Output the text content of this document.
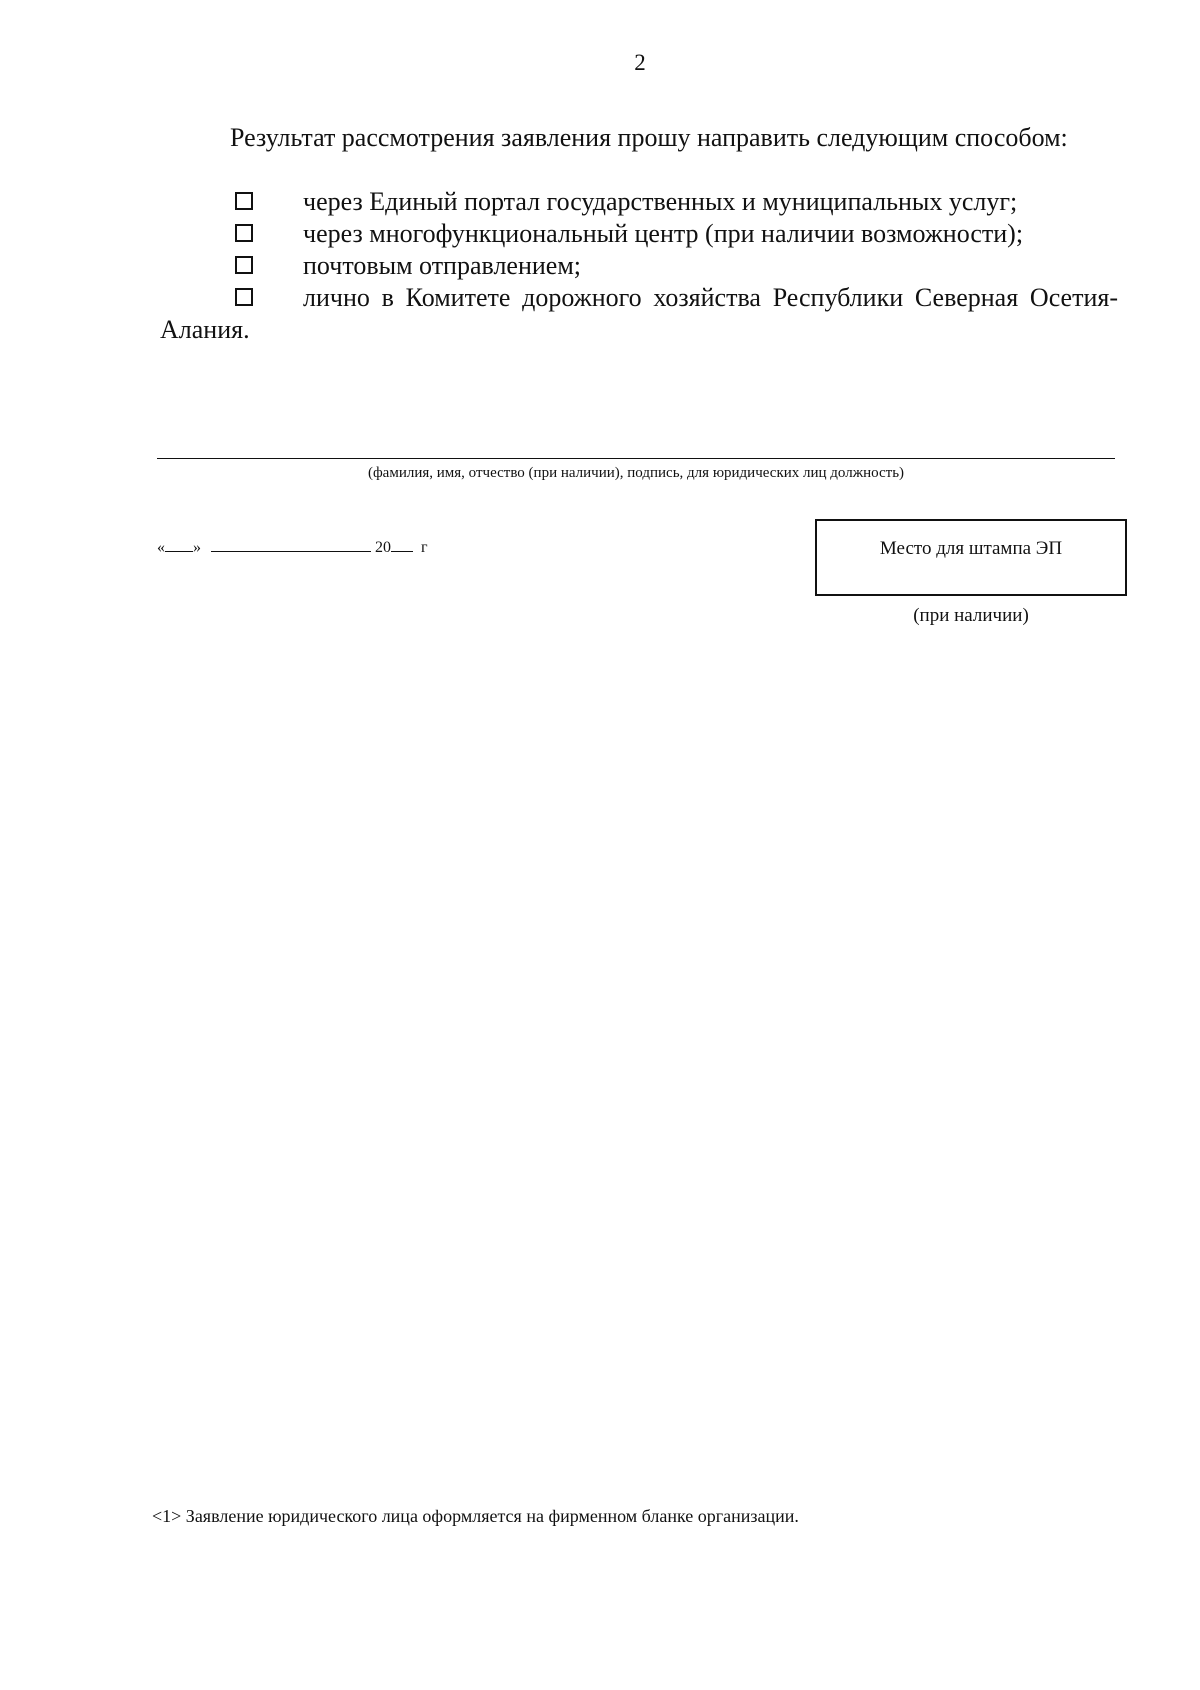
2
Результат рассмотрения заявления прошу направить следующим способом:
через Единый портал государственных и муниципальных услуг;
через многофункциональный центр (при наличии возможности);
почтовым отправлением;
лично в Комитете дорожного хозяйства Республики Северная Осетия-Алания.
(фамилия, имя, отчество (при наличии), подпись, для юридических лиц должность)
« »	20 г	Место для штампа ЭП
(при наличии)
<1> Заявление юридического лица оформляется на фирменном бланке организации.
